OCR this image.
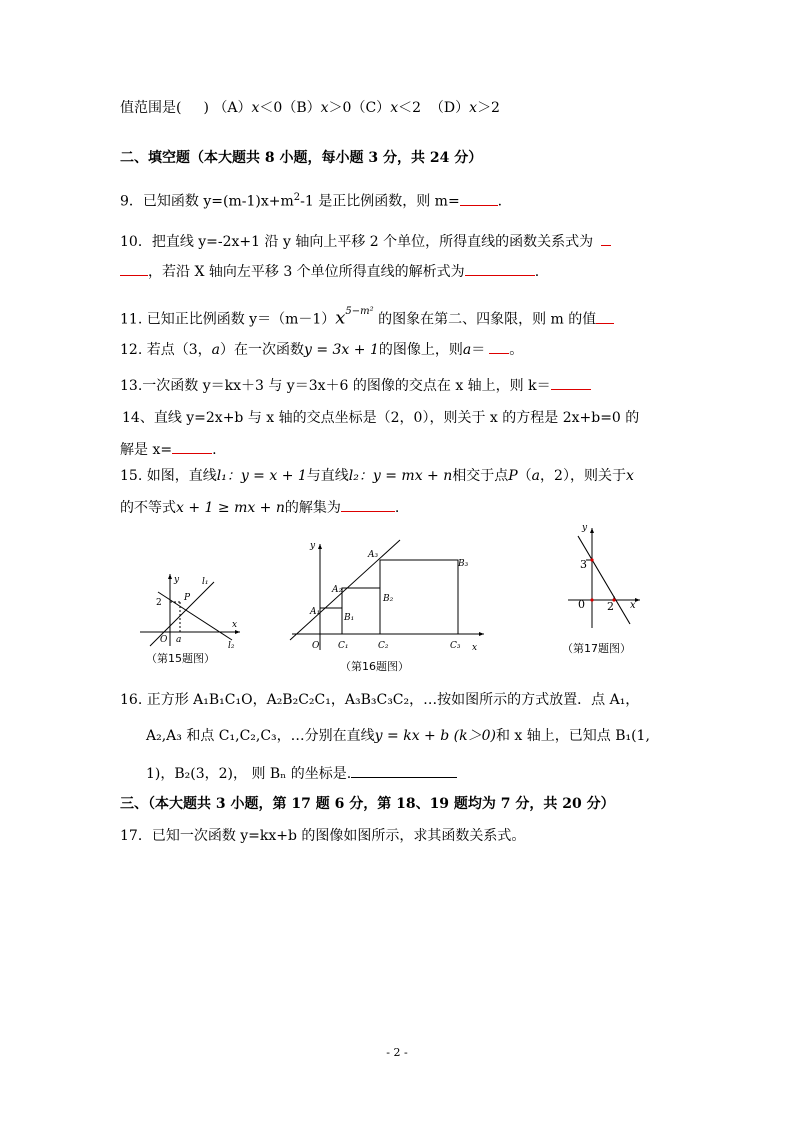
值范围是( ) （A）x＜0（B）x＞0（C）x＜2 （D）x＞2
二、填空题（本大题共 8 小题，每小题 3 分，共 24 分）
9．已知函数 $y=(m-1)x+m^2-1$ 是正比例函数，则 m=	.
10．把直线 y=-2x+1 沿 y 轴向上平移 2 个单位，所得直线的函数关系式为
，若沿 X 轴向左平移 3 个单位所得直线的解析式为	.
11. 已知正比例函数 $y=(m-1)x^{5-m^2}$ 的图象在第二、四象限，则 m 的值
12. 若点（3，a）在一次函数y = 3x + 1的图像上，则a＝ 。
13.一次函数 y＝kx＋3 与 y＝3x＋6 的图像的交点在 x 轴上，则 k＝
14、直线 y=2x+b 与 x 轴的交点坐标是（2，0），则关于 x 的方程是 2x+b=0 的
解是 x=	.
15. 如图，直线l₁：y = x + 1与直线l₂：y = mx + n相交于点P（a，2），则关于x
的不等式x + 1 ≥ mx + n的解集为	.
y
x
O a
2 P
l₁
l₂
（第15题图）
y
x
O
A₁
A₂
A₃
B₁
B₂
B₃
C₁	C₂	C₃
（第16题图）
y
x
0
3
2
（第17题图）
16. 正方形 A₁B₁C₁O，A₂B₂C₂C₁，A₃B₃C₃C₂，…按如图所示的方式放置．点 A₁，
A₂,A₃ 和点 C₁,C₂,C₃，…分别在直线y = kx + b (k＞0)和 x 轴上，已知点 B₁(1,
1)，B₂(3，2)， 则 Bₙ 的坐标是.
三、（本大题共 3 小题，第 17 题 6 分，第 18、19 题均为 7 分，共 20 分）
17．已知一次函数 y=kx+b 的图像如图所示，求其函数关系式。
- 2 -
